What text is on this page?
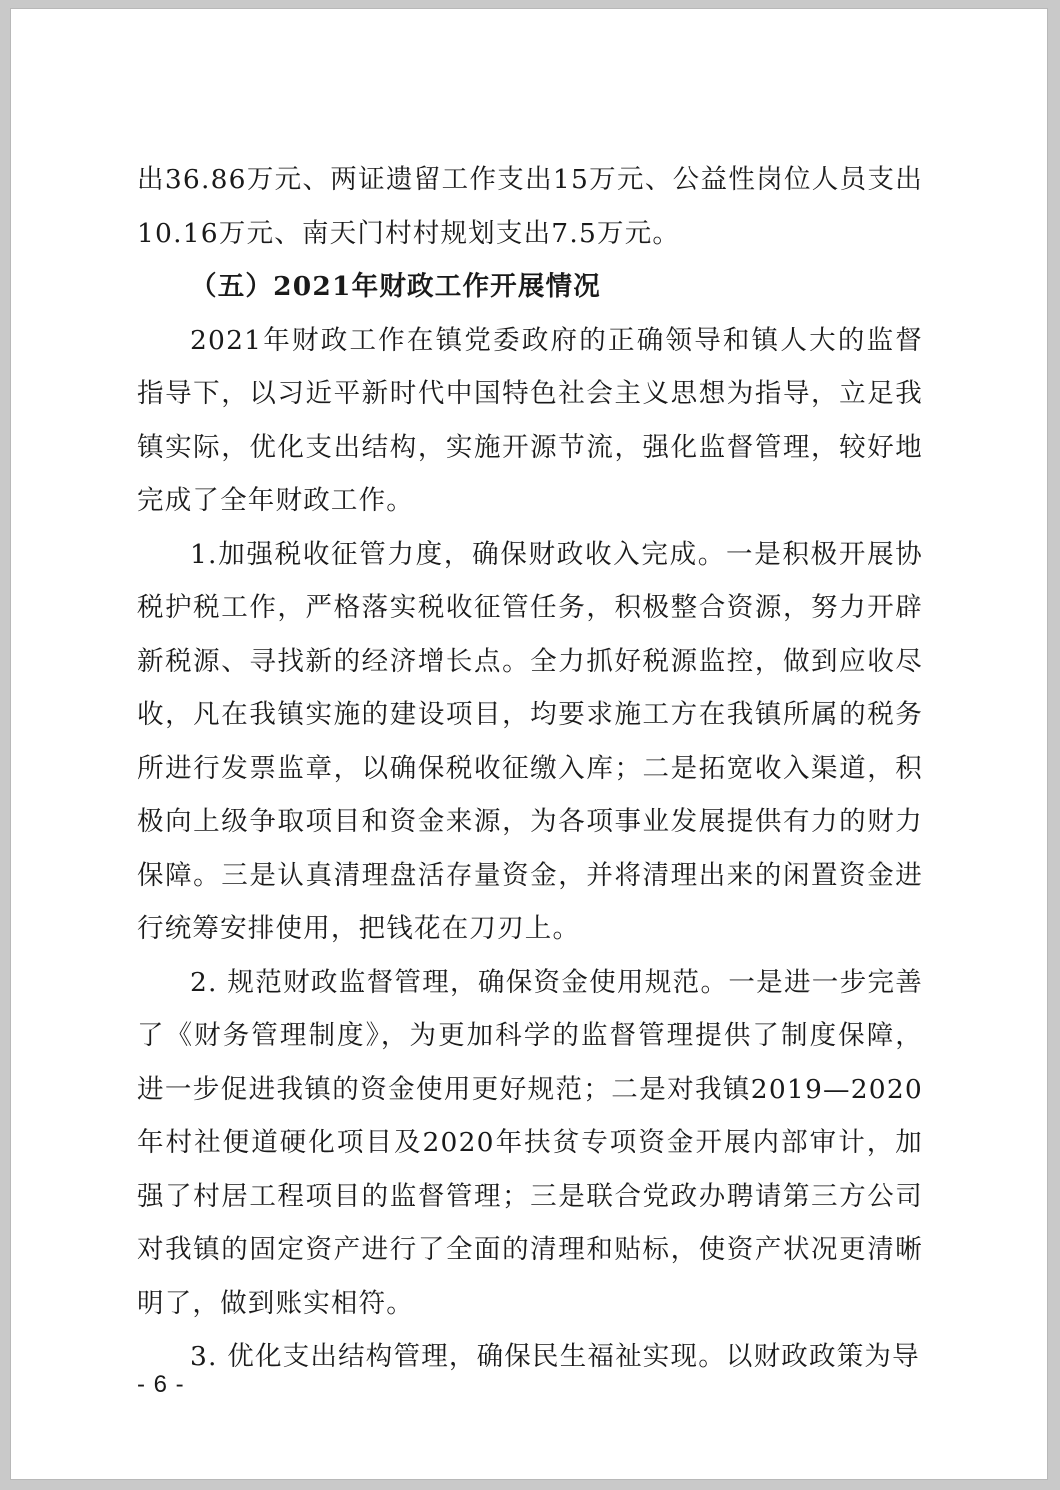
出36.86万元、两证遗留工作支出15万元、公益性岗位人员支出10.16万元、南天门村村规划支出7.5万元。

（五）2021年财政工作开展情况

2021年财政工作在镇党委政府的正确领导和镇人大的监督指导下，以习近平新时代中国特色社会主义思想为指导，立足我镇实际，优化支出结构，实施开源节流，强化监督管理，较好地完成了全年财政工作。

1.加强税收征管力度，确保财政收入完成。一是积极开展协税护税工作，严格落实税收征管任务，积极整合资源，努力开辟新税源、寻找新的经济增长点。全力抓好税源监控，做到应收尽收，凡在我镇实施的建设项目，均要求施工方在我镇所属的税务所进行发票监章，以确保税收征缴入库；二是拓宽收入渠道，积极向上级争取项目和资金来源，为各项事业发展提供有力的财力保障。三是认真清理盘活存量资金，并将清理出来的闲置资金进行统筹安排使用，把钱花在刀刃上。

2. 规范财政监督管理，确保资金使用规范。一是进一步完善了《财务管理制度》，为更加科学的监督管理提供了制度保障，进一步促进我镇的资金使用更好规范；二是对我镇2019—2020年村社便道硬化项目及2020年扶贫专项资金开展内部审计，加强了村居工程项目的监督管理；三是联合党政办聘请第三方公司对我镇的固定资产进行了全面的清理和贴标，使资产状况更清晰明了，做到账实相符。

3. 优化支出结构管理，确保民生福祉实现。以财政政策为导

- 6 -
